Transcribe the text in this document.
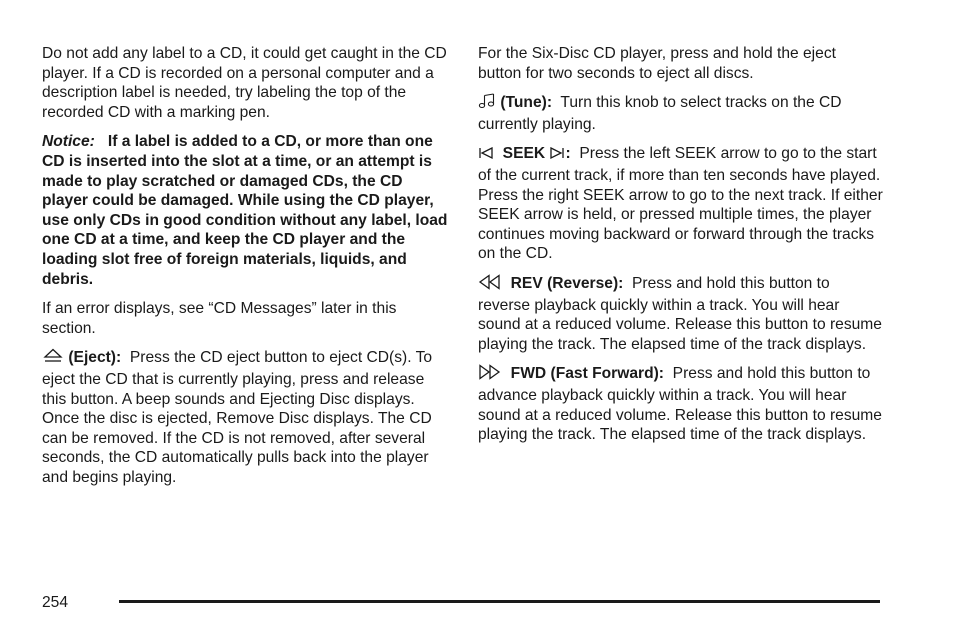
Do not add any label to a CD, it could get caught in the CD player. If a CD is recorded on a personal computer and a description label is needed, try labeling the top of the recorded CD with a marking pen.

Notice: If a label is added to a CD, or more than one CD is inserted into the slot at a time, or an attempt is made to play scratched or damaged CDs, the CD player could be damaged. While using the CD player, use only CDs in good condition without any label, load one CD at a time, and keep the CD player and the loading slot free of foreign materials, liquids, and debris.

If an error displays, see “CD Messages” later in this section.

(Eject): Press the CD eject button to eject CD(s). To eject the CD that is currently playing, press and release this button. A beep sounds and Ejecting Disc displays. Once the disc is ejected, Remove Disc displays. The CD can be removed. If the CD is not removed, after several seconds, the CD automatically pulls back into the player and begins playing.

For the Six-Disc CD player, press and hold the eject button for two seconds to eject all discs.

(Tune): Turn this knob to select tracks on the CD currently playing.

SEEK : Press the left SEEK arrow to go to the start of the current track, if more than ten seconds have played. Press the right SEEK arrow to go to the next track. If either SEEK arrow is held, or pressed multiple times, the player continues moving backward or forward through the tracks on the CD.

REV (Reverse): Press and hold this button to reverse playback quickly within a track. You will hear sound at a reduced volume. Release this button to resume playing the track. The elapsed time of the track displays.

FWD (Fast Forward): Press and hold this button to advance playback quickly within a track. You will hear sound at a reduced volume. Release this button to resume playing the track. The elapsed time of the track displays.

254
